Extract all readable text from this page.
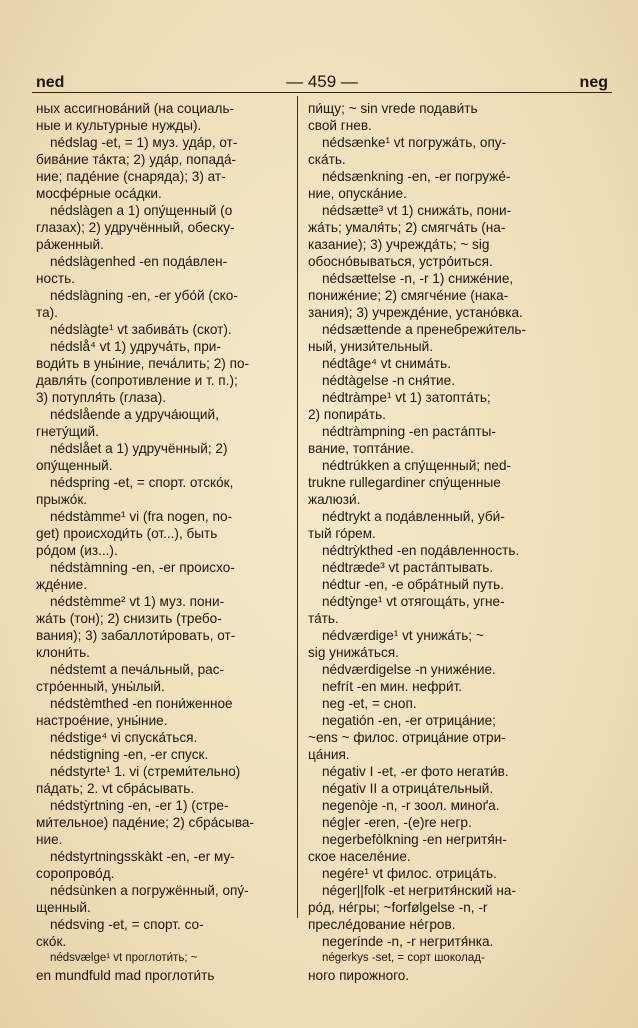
ned	— 459 —	neg
ных ассигнова́ний (на социаль-
ные и культурные нужды).
nédslag -et, = 1) муз. уда́р, от-
бива́ние та́кта; 2) уда́р, попада́-
ние; паде́ние (снаряда); 3) ат-
мосфе́рные оса́дки.
nédslàgen a 1) опу́щенный (о
глазах); 2) удручённый, обеску-
ра́женный.
nédslàgenhed -en пода́влен-
ность.
nédslàgning -en, -er убо́й (ско-
та).
nédslàgte¹ vt забива́ть (скот).
nédslå⁴ vt 1) удруча́ть, при-
води́ть в уны́ние, печа́лить; 2) по-
давля́ть (сопротивление и т. п.);
3) потупля́ть (глаза).
nédslående a удруча́ющий,
гнету́щий.
nédslået a 1) удручённый; 2)
опу́щенный.
nédspring -et, = спорт. отско́к,
прыжо́к.
nédstàmme¹ vi (fra nogen, no-
get) происходи́ть (от...), быть
ро́дом (из...).
nédstàmning -en, -er происхо-
жде́ние.
nédstèmme² vt 1) муз. пони-
жа́ть (тон); 2) снизить (требо-
вания); 3) забаллоти́ровать, от-
клони́ть.
nédstemt a печа́льный, рас-
стро́енный, уны́лый.
nédstèmthed -en пони́женное
настрое́ние, уны́ние.
nédstige⁴ vi спуска́ться.
nédstigning -en, -er спуск.
nédstyrte¹ 1. vi (стреми́тельно)
па́дать; 2. vt сбра́сывать.
nédstỳrtning -en, -er 1) (стре-
ми́тельное) паде́ние; 2) сбра́сыва-
ние.
nédstyrtningsskàkt -en, -er му-
соропрово́д.
nédsùnken a погружённый, опу́-
щенный.
nédsving -et, = спорт. со-
ско́к.
nédsvælge¹ vt проглоти́ть; ~
en mundfuld mad проглоти́ть
пи́щу; ~ sin vrede подави́ть
свой гнев.
nédsænke¹ vt погружа́ть, опу-
ска́ть.
nédsænkning -en, -er погруже́-
ние, опуска́ние.
nédsætte³ vt 1) снижа́ть, пони-
жа́ть; умаля́ть; 2) смягча́ть (на-
казание); 3) учрежда́ть; ~ sig
обосно́вываться, устро́иться.
nédsættelse -n, -r 1) сниже́ние,
пониже́ние; 2) смягче́ние (нака-
зания); 3) учрежде́ние, устано́вка.
nédsættende a пренебрежи́тель-
ный, унизи́тельный.
nédtâge⁴ vt снима́ть.
nédtàgelse -n сня́тие.
nédtràmpe¹ vt 1) затопта́ть;
2) попира́ть.
nédtràmpning -en растáпты-
вание, топта́ние.
nédtrúkken a спу́щенный; ned-
trukne rullegardiner спу́щенные
жалюзи́.
nédtrykt a пода́вленный, уби́-
тый го́рем.
nédtrỳkthed -en пода́вленность.
nédtræde³ vt раста́птывать.
nédtur -en, -e обра́тный путь.
nédtỳnge¹ vt отягоща́ть, угне-
та́ть.
nédværdige¹ vt унижа́ть; ~
sig унижа́ться.
nédværdigelse -n униже́ние.
nefrít -en мин. нефри́т.
neg -et, = сноп.
negatión -en, -er отрица́ние;
~ens ~ филос. отрица́ние отри-
ца́ния.
négativ I -et, -er фото негати́в.
négativ II a отрица́тельный.
negenòje -n, -r зоол. миноґа.
nég|er -eren, -(e)re негр.
negerbefòlkning -en негритя́н-
ское населе́ние.
negére¹ vt филос. отрица́ть.
néger||folk -et негритя́нский на-
ро́д, не́гры; ~forfølgelse -n, -r
пресле́дование не́гров.
negerínde -n, -r негритя́нка.
négerkys -set, = сорт шоколад-
ного пирожного.
